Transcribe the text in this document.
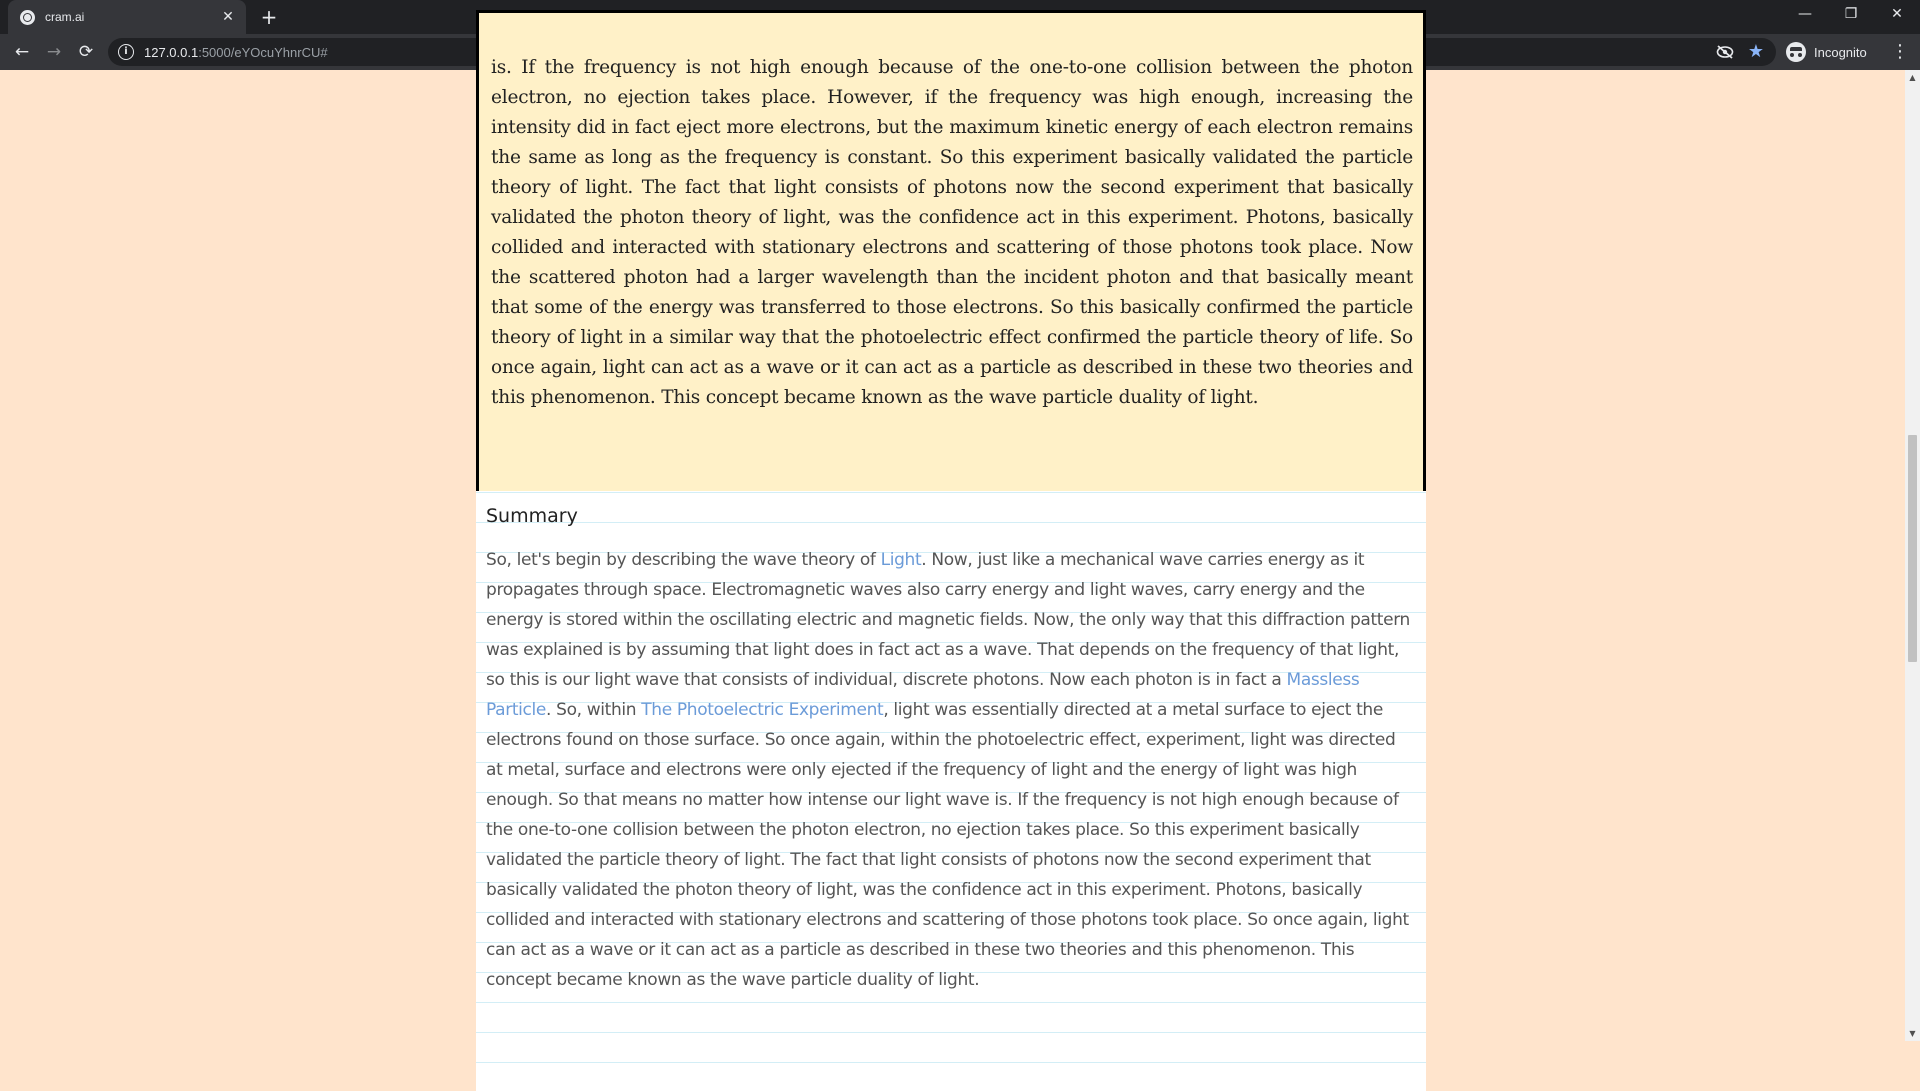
cram.ai	✕ +	—	❐	✕
←	→	⟳	i	127.0.0.1:5000/eYOcuYhnrCU#	★	Incognito ⋮

is. If the frequency is not high enough because of the one-to-one collision between the photon electron, no ejection takes place. However, if the frequency was high enough, increasing the intensity did in fact eject more electrons, but the maximum kinetic energy of each electron remains the same as long as the frequency is constant. So this experiment basically validated the particle theory of light. The fact that light consists of photons now the second experiment that basically validated the photon theory of light, was the confidence act in this experiment. Photons, basically collided and interacted with stationary electrons and scattering of those photons took place. Now the scattered photon had a larger wavelength than the incident photon and that basically meant that some of the energy was transferred to those electrons. So this basically confirmed the particle theory of light in a similar way that the photoelectric effect confirmed the particle theory of life. So once again, light can act as a wave or it can act as a particle as described in these two theories and this phenomenon. This concept became known as the wave particle duality of light.

Summary

So, let's begin by describing the wave theory of Light. Now, just like a mechanical wave carries energy as it propagates through space. Electromagnetic waves also carry energy and light waves, carry energy and the energy is stored within the oscillating electric and magnetic fields. Now, the only way that this diffraction pattern was explained is by assuming that light does in fact act as a wave. That depends on the frequency of that light, so this is our light wave that consists of individual, discrete photons. Now each photon is in fact a Massless Particle. So, within The Photoelectric Experiment, light was essentially directed at a metal surface to eject the electrons found on those surface. So once again, within the photoelectric effect, experiment, light was directed at metal, surface and electrons were only ejected if the frequency of light and the energy of light was high enough. So that means no matter how intense our light wave is. If the frequency is not high enough because of the one-to-one collision between the photon electron, no ejection takes place. So this experiment basically validated the particle theory of light. The fact that light consists of photons now the second experiment that basically validated the photon theory of light, was the confidence act in this experiment. Photons, basically collided and interacted with stationary electrons and scattering of those photons took place. So once again, light can act as a wave or it can act as a particle as described in these two theories and this phenomenon. This concept became known as the wave particle duality of light.

▲
▼
